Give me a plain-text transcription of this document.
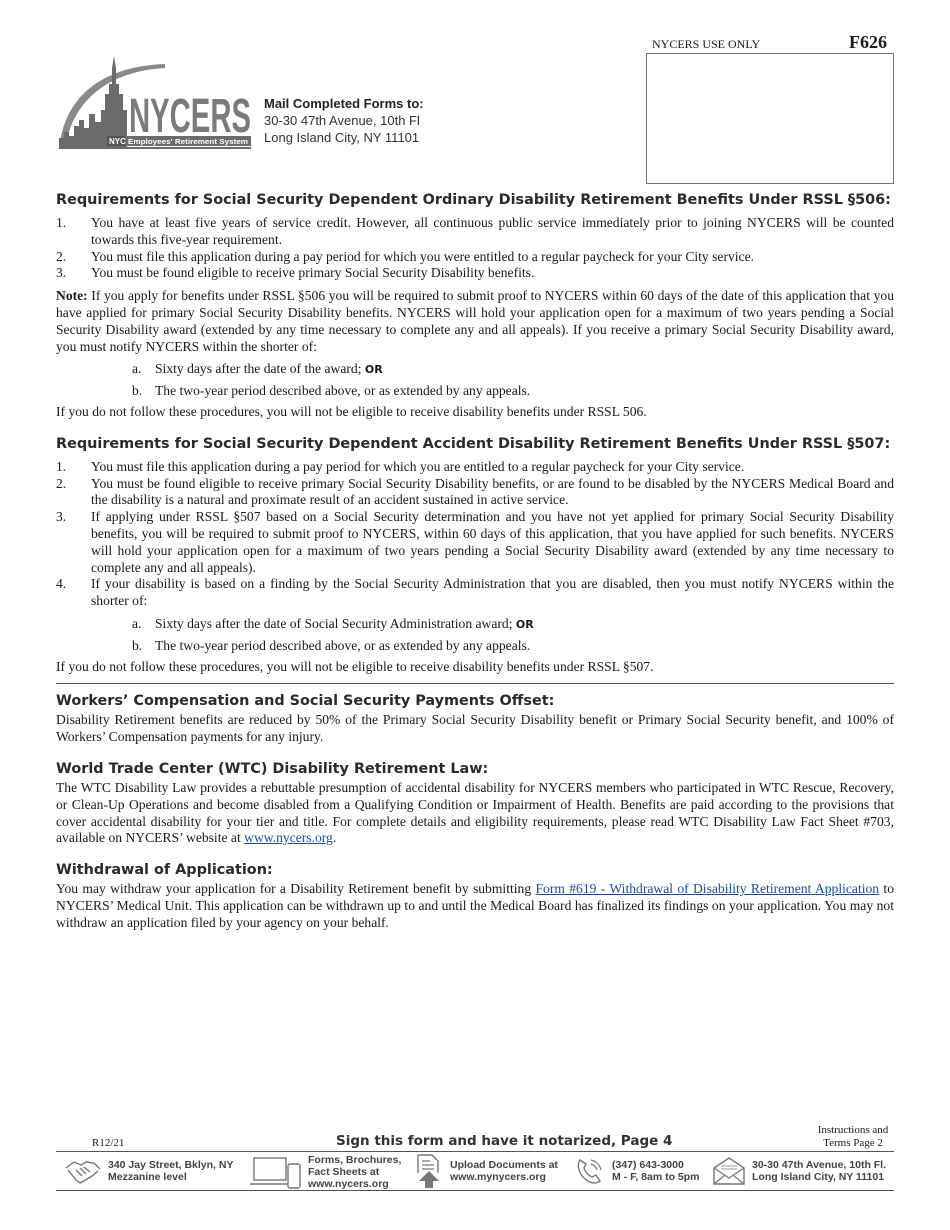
NYCERS USE ONLY	F626
NYCERS
NYC Employees' Retirement System
Mail Completed Forms to:
30-30 47th Avenue, 10th Fl
Long Island City, NY 11101
Requirements for Social Security Dependent Ordinary Disability Retirement Benefits Under RSSL §506:
1.	You have at least five years of service credit. However, all continuous public service immediately prior to joining NYCERS will be counted towards this five-year requirement.
2.	You must file this application during a pay period for which you were entitled to a regular paycheck for your City service.
3.	You must be found eligible to receive primary Social Security Disability benefits.

Note: If you apply for benefits under RSSL §506 you will be required to submit proof to NYCERS within 60 days of the date of this application that you have applied for primary Social Security Disability benefits. NYCERS will hold your application open for a maximum of two years pending a Social Security Disability award (extended by any time necessary to complete any and all appeals). If you receive a primary Social Security Disability award, you must notify NYCERS within the shorter of:

a. Sixty days after the date of the award; OR
b. The two-year period described above, or as extended by any appeals.

If you do not follow these procedures, you will not be eligible to receive disability benefits under RSSL 506.

Requirements for Social Security Dependent Accident Disability Retirement Benefits Under RSSL §507:
1.	You must file this application during a pay period for which you are entitled to a regular paycheck for your City service.
2.	You must be found eligible to receive primary Social Security Disability benefits, or are found to be disabled by the NYCERS Medical Board and the disability is a natural and proximate result of an accident sustained in active service.
3.	If applying under RSSL §507 based on a Social Security determination and you have not yet applied for primary Social Security Disability benefits, you will be required to submit proof to NYCERS, within 60 days of this application, that you have applied for such benefits. NYCERS will hold your application open for a maximum of two years pending a Social Security Disability award (extended by any time necessary to complete any and all appeals).
4.	If your disability is based on a finding by the Social Security Administration that you are disabled, then you must notify NYCERS within the shorter of:
a. Sixty days after the date of Social Security Administration award; OR
b. The two-year period described above, or as extended by any appeals.

If you do not follow these procedures, you will not be eligible to receive disability benefits under RSSL §507.

Workers’ Compensation and Social Security Payments Offset:

Disability Retirement benefits are reduced by 50% of the Primary Social Security Disability benefit or Primary Social Security benefit, and 100% of Workers’ Compensation payments for any injury.

World Trade Center (WTC) Disability Retirement Law:

The WTC Disability Law provides a rebuttable presumption of accidental disability for NYCERS members who participated in WTC Rescue, Recovery, or Clean-Up Operations and become disabled from a Qualifying Condition or Impairment of Health. Benefits are paid according to the provisions that cover accidental disability for your tier and title. For complete details and eligibility requirements, please read WTC Disability Law Fact Sheet #703, available on NYCERS’ website at www.nycers.org.

Withdrawal of Application:

You may withdraw your application for a Disability Retirement benefit by submitting Form #619 - Withdrawal of Disability Retirement Application to NYCERS’ Medical Unit. This application can be withdrawn up to and until the Medical Board has finalized its findings on your application. You may not withdraw an application filed by your agency on your behalf.

R12/21	Sign this form and have it notarized, Page 4
Instructions and
Terms Page 2
340 Jay Street, Bklyn, NY
Mezzanine level
Forms, Brochures,
Fact Sheets at
www.nycers.org
Upload Documents at
www.mynycers.org
(347) 643-3000
M - F, 8am to 5pm
30-30 47th Avenue, 10th Fl.
Long Island City, NY 11101
